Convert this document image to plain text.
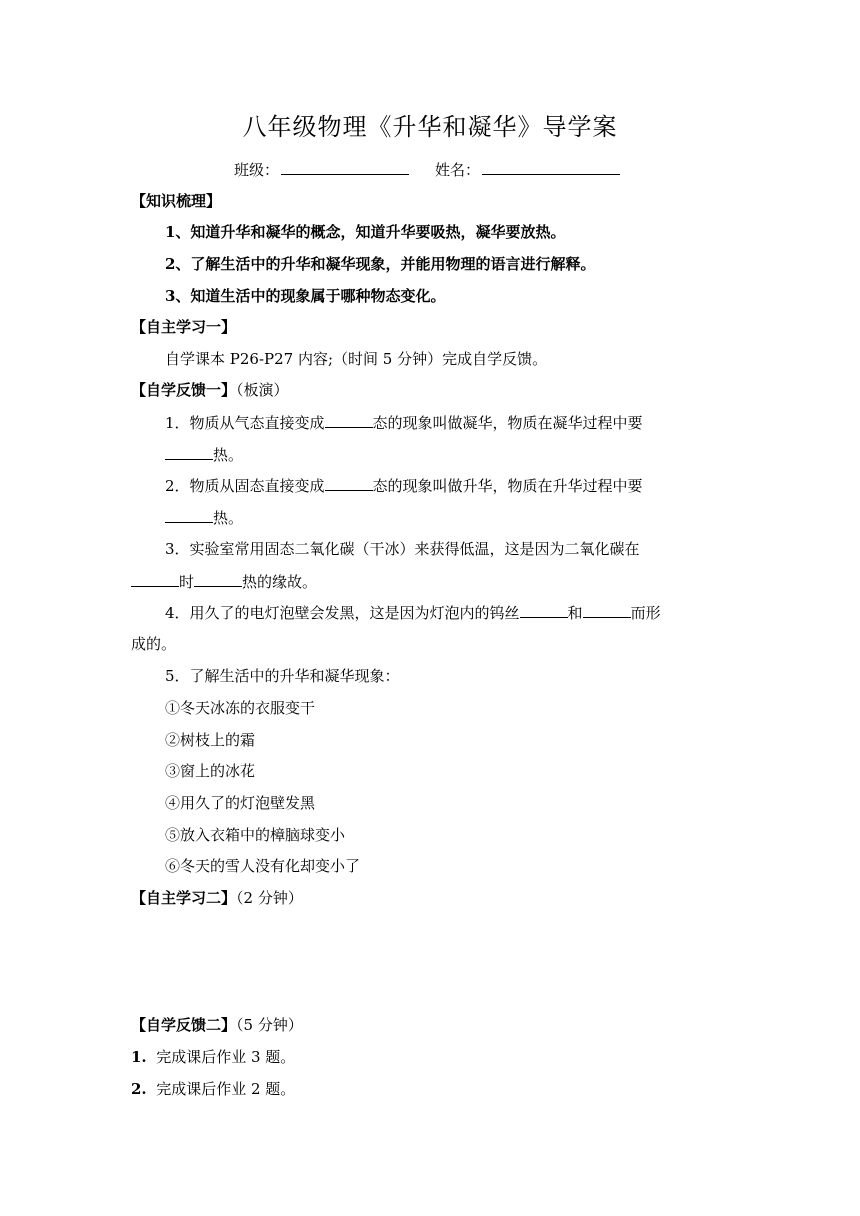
八年级物理《升华和凝华》导学案
班级：	姓名：
【知识梳理】
1、知道升华和凝华的概念，知道升华要吸热，凝华要放热。
2、了解生活中的升华和凝华现象，并能用物理的语言进行解释。
3、知道生活中的现象属于哪种物态变化。
【自主学习一】
自学课本 P26-P27 内容;（时间 5 分钟）完成自学反馈。
【自学反馈一】（板演）
1．物质从气态直接变成	态的现象叫做凝华，物质在凝华过程中要
热。
2．物质从固态直接变成	态的现象叫做升华，物质在升华过程中要
热。
3．实验室常用固态二氧化碳（干冰）来获得低温，这是因为二氧化碳在
时	热的缘故。
4．用久了的电灯泡壁会发黑，这是因为灯泡内的钨丝	和	而形
成的。
5．了解生活中的升华和凝华现象：
①冬天冰冻的衣服变干
②树枝上的霜
③窗上的冰花
④用久了的灯泡壁发黑
⑤放入衣箱中的樟脑球变小
⑥冬天的雪人没有化却变小了
【自主学习二】（2 分钟）
【自学反馈二】（5 分钟）
1. 完成课后作业 3 题。
2. 完成课后作业 2 题。
